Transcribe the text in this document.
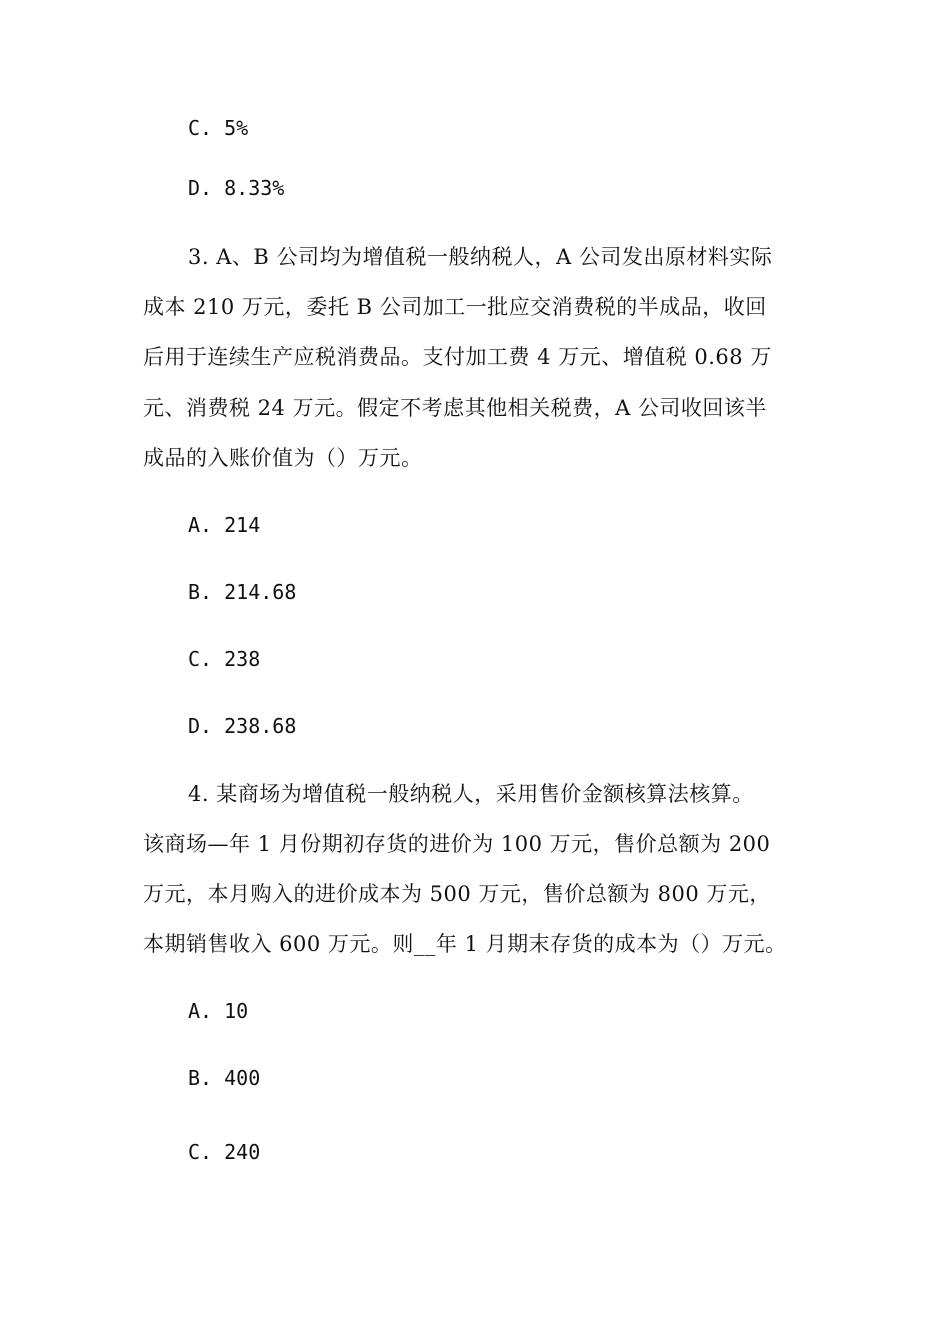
C. 5%
D. 8.33%
3. A、B 公司均为增值税一般纳税人，A 公司发出原材料实际
成本 210 万元，委托 B 公司加工一批应交消费税的半成品，收回
后用于连续生产应税消费品。支付加工费 4 万元、增值税 0.68 万
元、消费税 24 万元。假定不考虑其他相关税费，A 公司收回该半
成品的入账价值为（）万元。
A. 214
B. 214.68
C. 238
D. 238.68
4. 某商场为增值税一般纳税人，采用售价金额核算法核算。
该商场—年 1 月份期初存货的进价为 100 万元，售价总额为 200
万元，本月购入的进价成本为 500 万元，售价总额为 800 万元，
本期销售收入 600 万元。则__年 1 月期末存货的成本为（）万元。
A. 10
B. 400
C. 240
